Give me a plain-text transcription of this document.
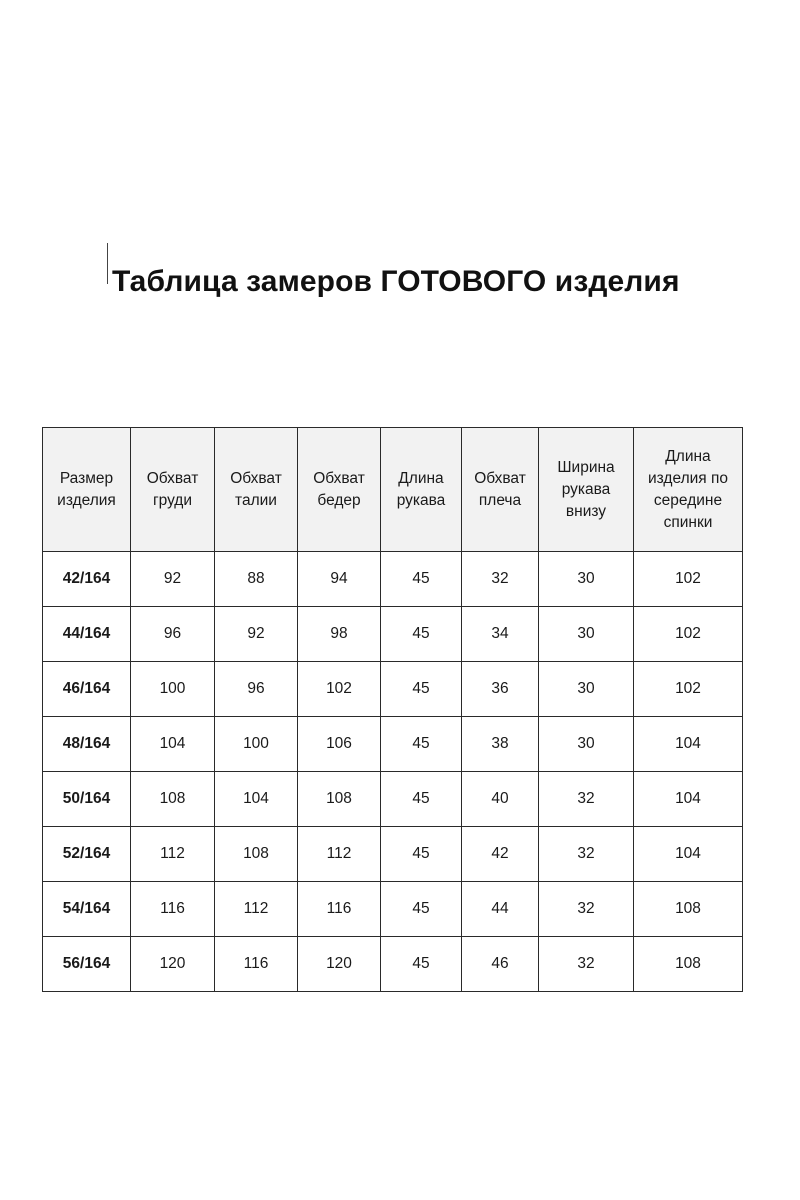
Таблица замеров ГОТОВОГО изделия
Размер изделия	Обхват груди	Обхват талии	Обхват бедер	Длина рукава	Обхват плеча	Ширина рукава внизу	Длина изделия по середине спинки
42/164	92	88	94	45	32	30	102
44/164	96	92	98	45	34	30	102
46/164	100	96	102	45	36	30	102
48/164	104	100	106	45	38	30	104
50/164	108	104	108	45	40	32	104
52/164	112	108	112	45	42	32	104
54/164	116	112	116	45	44	32	108
56/164	120	116	120	45	46	32	108
